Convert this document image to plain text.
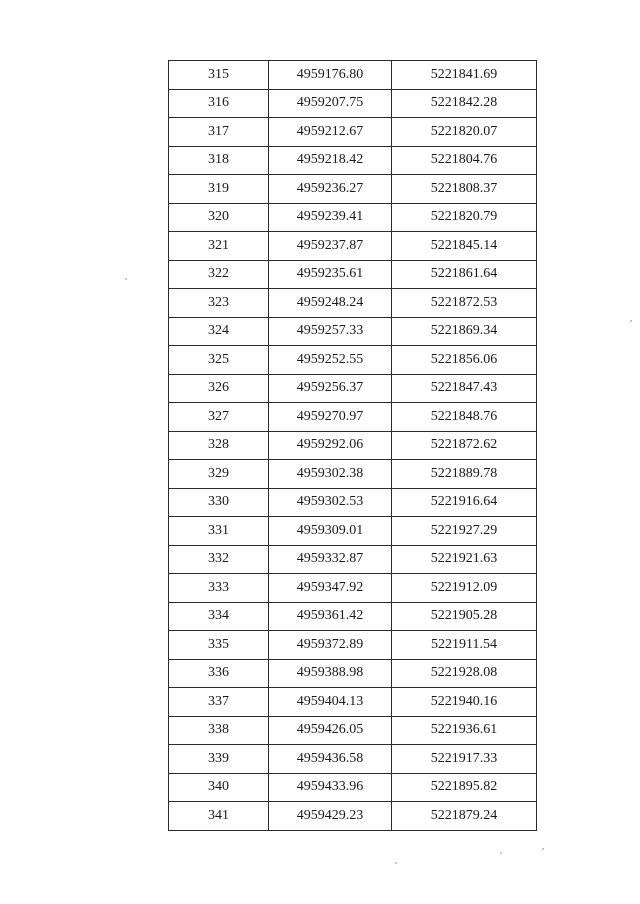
315	4959176.80	5221841.69
316	4959207.75	5221842.28
317	4959212.67	5221820.07
318	4959218.42	5221804.76
319	4959236.27	5221808.37
320	4959239.41	5221820.79
321	4959237.87	5221845.14
322	4959235.61	5221861.64
323	4959248.24	5221872.53
324	4959257.33	5221869.34
325	4959252.55	5221856.06
326	4959256.37	5221847.43
327	4959270.97	5221848.76
328	4959292.06	5221872.62
329	4959302.38	5221889.78
330	4959302.53	5221916.64
331	4959309.01	5221927.29
332	4959332.87	5221921.63
333	4959347.92	5221912.09
334	4959361.42	5221905.28
335	4959372.89	5221911.54
336	4959388.98	5221928.08
337	4959404.13	5221940.16
338	4959426.05	5221936.61
339	4959436.58	5221917.33
340	4959433.96	5221895.82
341	4959429.23	5221879.24
